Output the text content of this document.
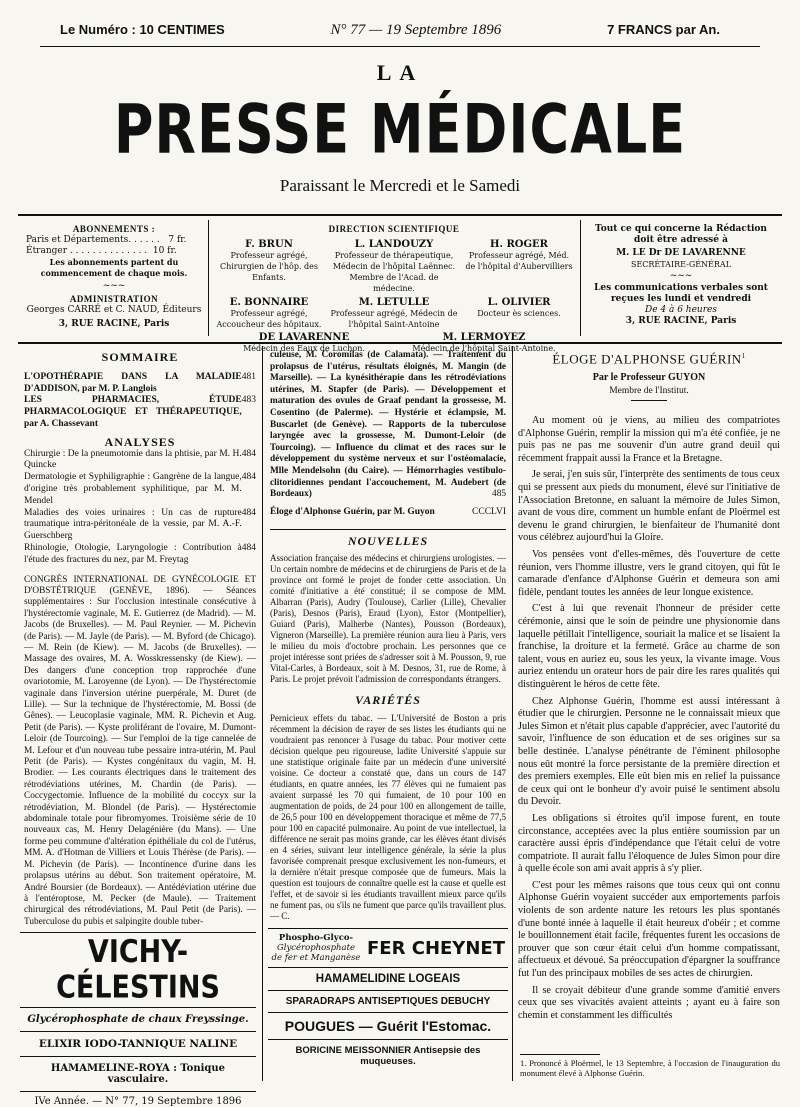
Le Numéro : 10 CENTIMES	N° 77 — 19 Septembre 1896	7 FRANCS par An.
LA
PRESSE MÉDICALE
Paraissant le Mercredi et le Samedi
ABONNEMENTS :
Paris et Départements. . . . . .   7 fr.
Étranger . . . . . . . . . . . . . .  10 fr.
Les abonnements partent du commencement de chaque mois.
~~~
ADMINISTRATION
Georges CARRÉ et C. NAUD, Éditeurs
3, RUE RACINE, Paris
DIRECTION SCIENTIFIQUE
F. BRUN
Professeur agrégé, Chirurgien de l'hôp. des Enfants.
L. LANDOUZY
Professeur de thérapeutique, Médecin de l'hôpital Laënnec. Membre de l'Acad. de médecine.
H. ROGER
Professeur agrégé, Méd. de l'hôpital d'Aubervilliers
E. BONNAIRE
Professeur agrégé, Accoucheur des hôpitaux.
M. LETULLE
Professeur agrégé, Médecin de l'hôpital Saint-Antoine
L. OLIVIER
Docteur ès sciences.
DE LAVARENNE
Médecin des Eaux de Luchon.
M. LERMOYEZ
Médecin de l'hôpital Saint-Antoine.
Tout ce qui concerne la Rédaction doit être adressé à
M. LE Dr DE LAVARENNE
SECRÉTAIRE-GÉNÉRAL
~~~
Les communications verbales sont reçues les lundi et vendredi
De 4 à 6 heures
3, RUE RACINE, Paris
SOMMAIRE
L'OPOTHÉRAPIE DANS LA MALADIE D'ADDISON, par M. P. Langlois
481
LES PHARMACIES, ÉTUDE PHARMACOLOGIQUE ET THÉRAPEUTIQUE, par A. Chassevant
483
ANALYSES
Chirurgie : De la pneumotomie dans la phtisie, par M. H. Quincke
484
Dermatologie et Syphiligraphie : Gangrène de la langue, d'origine très probablement syphilitique, par M. M. Mendel
484
Maladies des voies urinaires : Un cas de rupture traumatique intra-péritonéale de la vessie, par M. A.-F. Guerschberg
484
Rhinologie, Otologie, Laryngologie : Contribution à l'étude des fractures du nez, par M. Freytag
484
CONGRÈS INTERNATIONAL DE GYNÉCOLOGIE ET D'OBSTÉTRIQUE (GENÈVE, 1896). — Séances supplémentaires : Sur l'occlusion intestinale consécutive à l'hystérectomie vaginale, M. E. Gutierrez (de Madrid). — M. Jacobs (de Bruxelles). — M. Paul Reynier. — M. Pichevin (de Paris). — M. Jayle (de Paris). — M. Byford (de Chicago). — M. Rein (de Kiew). — M. Jacobs (de Bruxelles). — Massage des ovaires, M. A. Wosskressensky (de Kiew). — Des dangers d'une conception trop rapprochée d'une ovariotomie, M. Laroyenne (de Lyon). — De l'hystérectomie vaginale dans l'inversion utérine puerpérale, M. Duret (de Lille). — Sur la technique de l'hystérectomie, M. Bossi (de Gênes). — Leucoplasie vaginale, MM. R. Pichevin et Aug. Petit (de Paris). — Kyste proliférant de l'ovaire, M. Dumont-Leloir (de Tourcoing). — Sur l'emploi de la tige cannelée de M. Lefour et d'un nouveau tube pessaire intra-utérin, M. Paul Petit (de Paris). — Kystes congénitaux du vagin, M. H. Brodier. — Les courants électriques dans le traitement des rétrodéviations utérines, M. Chardin (de Paris). — Coccygectomie. Influence de la mobilité du coccyx sur la rétrodéviation, M. Blondel (de Paris). — Hystérectomie abdominale totale pour fibromyomes. Troisième série de 10 nouveaux cas, M. Henry Delagénière (du Mans). — Une forme peu commune d'altération épithéliale du col de l'utérus, MM. A. d'Hotman de Villiers et Louis Thérèse (de Paris). — M. Pichevin (de Paris). — Incontinence d'urine dans les prolapsus utérins au début. Son traitement opératoire, M. André Boursier (de Bordeaux). — Antédéviation utérine due à l'entéroptose, M. Pecker (de Maule). — Traitement chirurgical des rétrodéviations, M. Paul Petit (de Paris). — Tuberculose du pubis et salpingite double tuber-
VICHY-CÉLESTINS
Glycérophosphate de chaux Freyssinge.
ELIXIR IODO-TANNIQUE NALINE
HAMAMELINE-ROYA : Tonique vasculaire.
IVe Année. — N° 77, 19 Septembre 1896
culeuse, M. Coromilas (de Calamata). — Traitement du prolapsus de l'utérus, résultats éloignés, M. Mangin (de Marseille). — La kynésithérapie dans les rétrodéviations utérines, M. Stapfer (de Paris). — Développement et maturation des ovules de Graaf pendant la grossesse, M. Cosentino (de Palerme). — Hystérie et éclampsie, M. Buscarlet (de Genève). — Rapports de la tuberculose laryngée avec la grossesse, M. Dumont-Leloir (de Tourcoing). — Influence du climat et des races sur le développement du système nerveux et sur l'ostéomalacie, Mlle Mendelsohn (du Caire). — Hémorrhagies vestibulo-clitoridiennes pendant l'accouchement, M. Audebert (de Bordeaux)	485
Éloge d'Alphonse Guérin, par M. Guyon	CCCLVI
NOUVELLES
Association française des médecins et chirurgiens urologistes. — Un certain nombre de médecins et de chirurgiens de Paris et de la province ont formé le projet de fonder cette association. Un comité d'initiative a été constitué; il se compose de MM. Albarran (Paris), Audry (Toulouse), Carlier (Lille), Chevalier (Paris), Desnos (Paris), Eraud (Lyon), Estor (Montpellier), Guiard (Paris), Malherbe (Nantes), Pousson (Bordeaux), Vigneron (Marseille). La première réunion aura lieu à Paris, vers le milieu du mois d'octobre prochain. Les personnes que ce projet intéresse sont priées de s'adresser soit à M. Pousson, 9, rue Vital-Carles, à Bordeaux, soit à M. Desnos, 31, rue de Rome, à Paris. Le projet prévoit l'admission de correspondants étrangers.
VARIÉTÉS
Pernicieux effets du tabac. — L'Université de Boston a pris récemment la décision de rayer de ses listes les étudiants qui ne voudraient pas renoncer à l'usage du tabac. Pour motiver cette décision quelque peu rigoureuse, ladite Université s'appuie sur une statistique originale faite par un médecin d'une université voisine. Ce docteur a constaté que, dans un cours de 147 étudiants, en quatre années, les 77 élèves qui ne fumaient pas avaient surpassé les 70 qui fumaient, de 10 pour 100 en augmentation de poids, de 24 pour 100 en allongement de taille, de 26,5 pour 100 en développement thoracique et même de 77,5 pour 100 en capacité pulmonaire. Au point de vue intellectuel, la différence ne serait pas moins grande, car les élèves étant divisés en 4 séries, suivant leur intelligence générale, la série la plus favorisée comprenait presque exclusivement les non-fumeurs, et la dernière n'était presque composée que de fumeurs. Mais la question est toujours de connaître quelle est la cause et quelle est l'effet, et de savoir si les étudiants travaillent mieux parce qu'ils ne fument pas, ou s'ils ne fument que parce qu'ils travaillent plus. — C.
Phospho-Glyco-
Glycérophosphate
de fer et Manganèse FER CHEYNET
HAMAMELIDINE LOGEAIS
SPARADRAPS ANTISEPTIQUES DEBUCHY
POUGUES — Guérit l'Estomac.
BORICINE MEISSONNIER Antisepsie des muqueuses.
ÉLOGE D'ALPHONSE GUÉRIN$^1$
Par le Professeur GUYON
Membre de l'Institut.

Au moment où je viens, au milieu des compatriotes d'Alphonse Guérin, remplir la mission qui m'a été confiée, je ne puis pas ne pas me souvenir d'un autre grand deuil qui récemment frappait aussi la France et la Bretagne.

Je serai, j'en suis sûr, l'interprète des sentiments de tous ceux qui se pressent aux pieds du monument, élevé sur l'initiative de l'Association Bretonne, en saluant la mémoire de Jules Simon, avant de vous dire, comment un humble enfant de Ploërmel est devenu le grand chirurgien, le bienfaiteur de l'humanité dont vous célébrez aujourd'hui la Gloire.

Vos pensées vont d'elles-mêmes, dès l'ouverture de cette réunion, vers l'homme illustre, vers le grand citoyen, qui fût le camarade d'enfance d'Alphonse Guérin et demeura son ami fidèle, pendant toutes les années de leur longue existence.

C'est à lui que revenait l'honneur de présider cette cérémonie, ainsi que le soin de peindre une physionomie dans laquelle pétillait l'intelligence, souriait la malice et se lisaient la franchise, la droiture et la fermeté. Grâce au charme de son talent, vous en auriez eu, sous les yeux, la vivante image. Vous auriez entendu un orateur hors de pair dire les rares qualités qui distinguèrent le héros de cette fête.

Chez Alphonse Guérin, l'homme est aussi intéressant à étudier que le chirurgien. Personne ne le connaissait mieux que Jules Simon et n'était plus capable d'apprécier, avec l'autorité du savoir, l'influence de son éducation et de ses origines sur sa belle destinée. L'analyse pénétrante de l'éminent philosophe nous eût montré la force persistante de la première direction et des premiers exemples. Elle eût bien mis en relief la puissance de ceux qui ont le bonheur d'y avoir puisé le sentiment absolu du Devoir.

Les obligations si étroites qu'il impose furent, en toute circonstance, acceptées avec la plus entière soumission par un caractère aussi épris d'indépendance que l'était celui de votre compatriote. Il aurait fallu l'éloquence de Jules Simon pour dire à quelle école son ami avait appris à s'y plier.

C'est pour les mêmes raisons que tous ceux qui ont connu Alphonse Guérin voyaient succéder aux emportements parfois violents de son ardente nature les retours les plus spontanés d'une bonté innée à laquelle il était heureux d'obéir ; et comme le bouillonnement était facile, fréquentes furent les occasions de prouver que son cœur était celui d'un homme compatissant, affectueux et dévoué. Sa préoccupation d'épargner la souffrance fut l'un des principaux mobiles de ses actes de chirurgien.

Il se croyait débiteur d'une grande somme d'amitié envers ceux que ses vivacités avaient atteints ; ayant eu à faire son chemin et constamment les difficultés

1. Prononcé à Ploërmel, le 13 Septembre, à l'occasion de l'inauguration du monument élevé à Alphonse Guérin.
